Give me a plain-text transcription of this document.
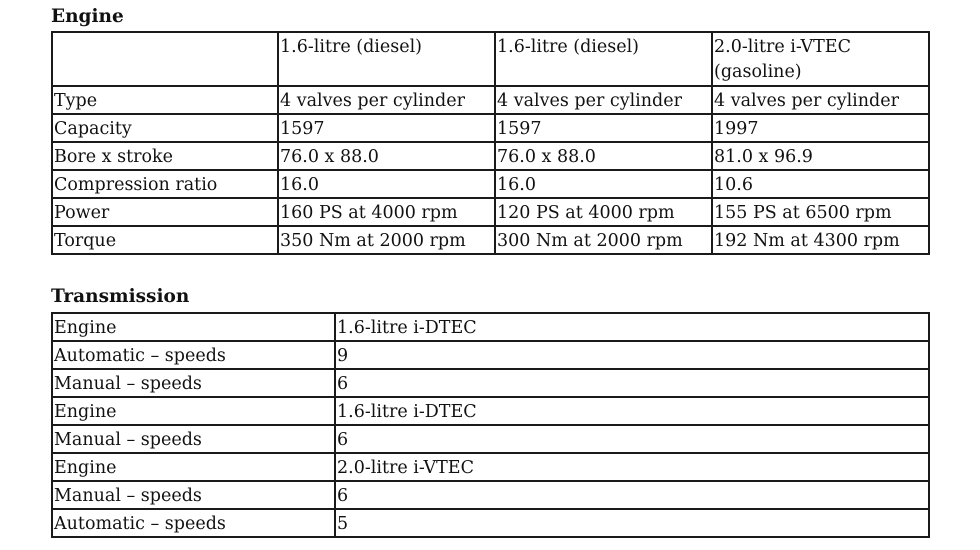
Engine
	1.6-litre (diesel)	1.6-litre (diesel)	2.0-litre i-VTEC (gasoline)
Type	4 valves per cylinder	4 valves per cylinder	4 valves per cylinder
Capacity	1597	1597	1997
Bore x stroke	76.0 x 88.0	76.0 x 88.0	81.0 x 96.9
Compression ratio	16.0	16.0	10.6
Power	160 PS at 4000 rpm	120 PS at 4000 rpm	155 PS at 6500 rpm
Torque	350 Nm at 2000 rpm	300 Nm at 2000 rpm	192 Nm at 4300 rpm
Transmission
Engine	1.6-litre i-DTEC
Automatic – speeds	9
Manual – speeds	6
Engine	1.6-litre i-DTEC
Manual – speeds	6
Engine	2.0-litre i-VTEC
Manual – speeds	6
Automatic – speeds	5
